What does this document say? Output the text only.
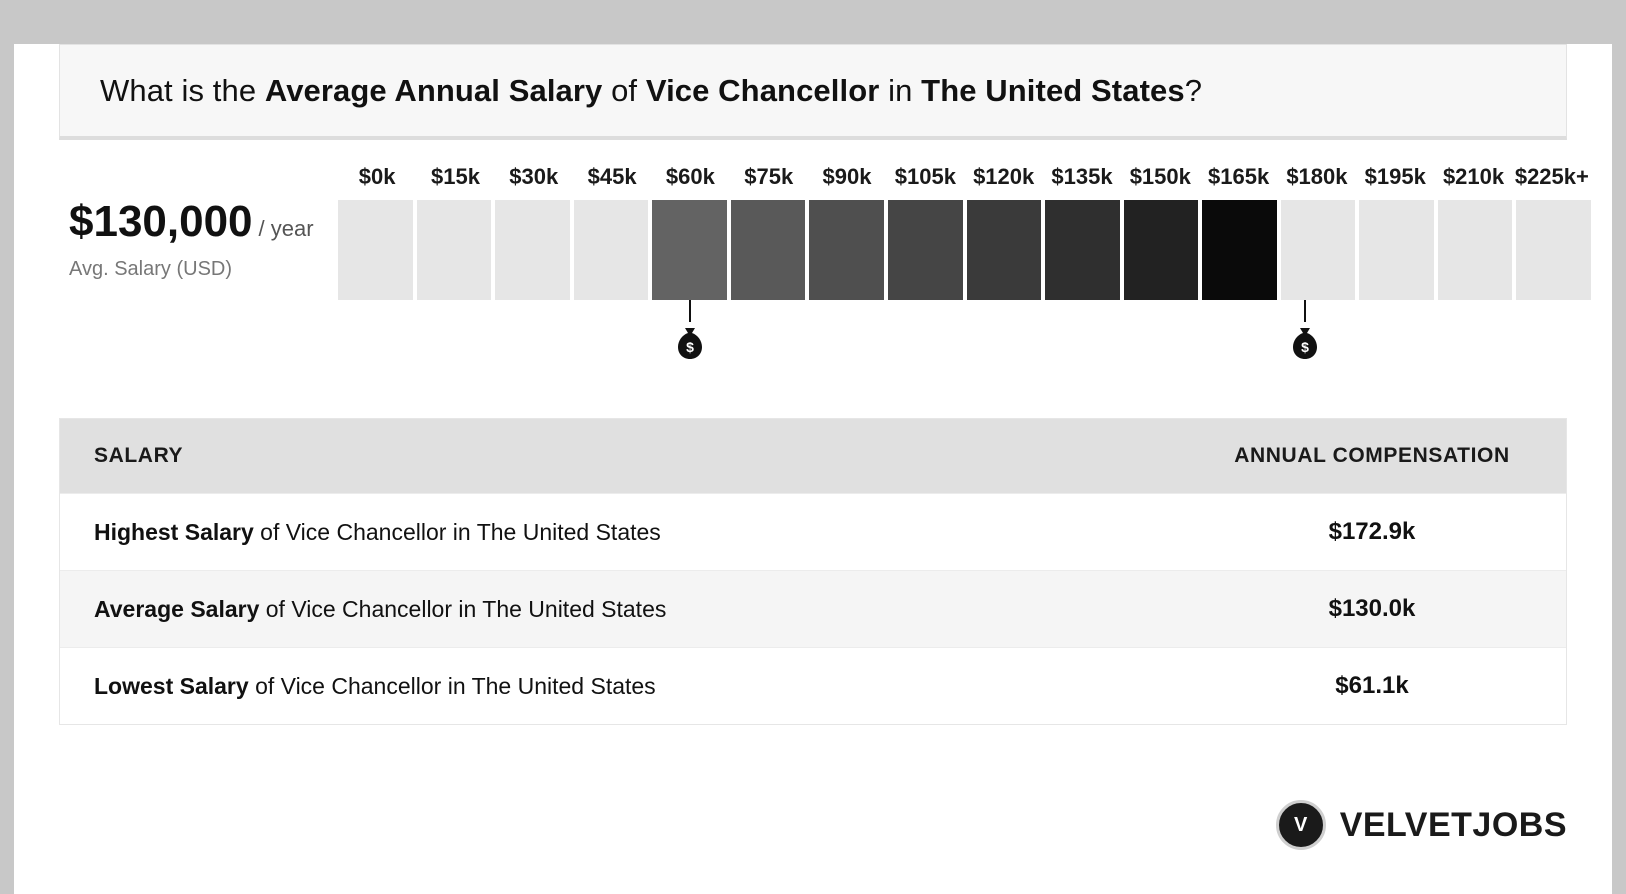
What is the Average Annual Salary of Vice Chancellor in The United States?
$0k $15k $30k $45k $60k $75k $90k $105k $120k $135k $150k $165k $180k $195k $210k $225k+
$130,000 / year
Avg. Salary (USD)
$	$
SALARY	ANNUAL COMPENSATION
Highest Salary of Vice Chancellor in The United States	$172.9k
Average Salary of Vice Chancellor in The United States	$130.0k
Lowest Salary of Vice Chancellor in The United States	$61.1k
V VELVETJOBS
